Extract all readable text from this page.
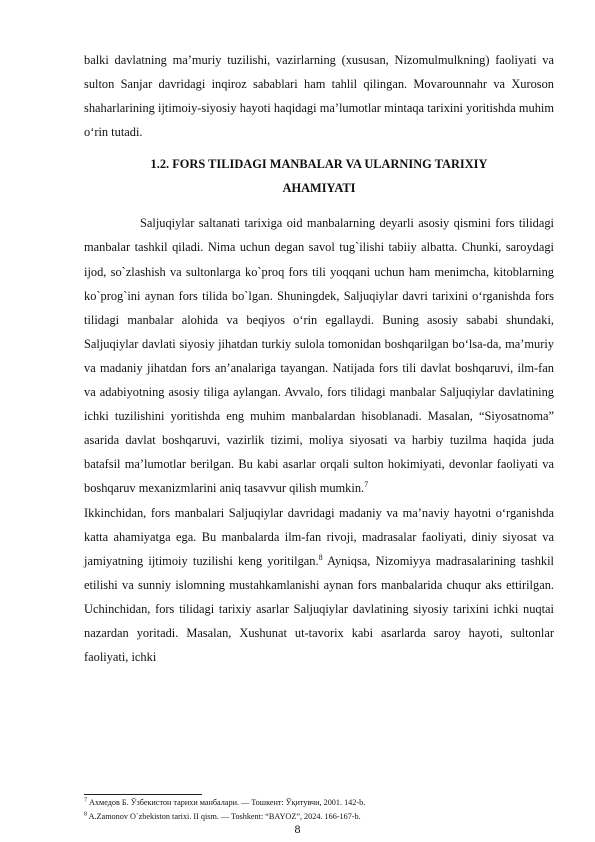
balki davlatning ma’muriy tuzilishi, vazirlarning (xususan, Nizomulmulkning) faoliyati va sulton Sanjar davridagi inqiroz sabablari ham tahlil qilingan. Movarounnahr va Xuroson shaharlarining ijtimoiy-siyosiy hayoti haqidagi ma’lumotlar mintaqa tarixini yoritishda muhim o‘rin tutadi.

1.2. FORS TILIDAGI MANBALAR VA ULARNING TARIXIY
AHAMIYATI

Saljuqiylar saltanati tarixiga oid manbalarning deyarli asosiy qismini fors tilidagi manbalar tashkil qiladi. Nima uchun degan savol tug`ilishi tabiiy albatta. Chunki, saroydagi ijod, so`zlashish va sultonlarga ko`proq fors tili yoqqani uchun ham menimcha, kitoblarning ko`prog`ini aynan fors tilida bo`lgan. Shuningdek, Saljuqiylar davri tarixini o‘rganishda fors tilidagi manbalar alohida va beqiyos o‘rin egallaydi. Buning asosiy sababi shundaki, Saljuqiylar davlati siyosiy jihatdan turkiy sulola tomonidan boshqarilgan bo‘lsa-da, ma’muriy va madaniy jihatdan fors an’analariga tayangan. Natijada fors tili davlat boshqaruvi, ilm-fan va adabiyotning asosiy tiliga aylangan. Avvalo, fors tilidagi manbalar Saljuqiylar davlatining ichki tuzilishini yoritishda eng muhim manbalardan hisoblanadi. Masalan, “Siyosatnoma” asarida davlat boshqaruvi, vazirlik tizimi, moliya siyosati va harbiy tuzilma haqida juda batafsil ma’lumotlar berilgan. Bu kabi asarlar orqali sulton hokimiyati, devonlar faoliyati va boshqaruv mexanizmlarini aniq tasavvur qilish mumkin.$^7$

Ikkinchidan, fors manbalari Saljuqiylar davridagi madaniy va ma’naviy hayotni o‘rganishda katta ahamiyatga ega. Bu manbalarda ilm-fan rivoji, madrasalar faoliyati, diniy siyosat va jamiyatning ijtimoiy tuzilishi keng yoritilgan.$^8$ Ayniqsa, Nizomiyya madrasalarining tashkil etilishi va sunniy islomning mustahkamlanishi aynan fors manbalarida chuqur aks ettirilgan. Uchinchidan, fors tilidagi tarixiy asarlar Saljuqiylar davlatining siyosiy tarixini ichki nuqtai nazardan yoritadi. Masalan, Xushunat ut-tavorix kabi asarlarda saroy hayoti, sultonlar faoliyati, ichki

$^7$ Ахмедов Б. Ўзбекистон тарихи манбалари. — Тошкент: Ўқитувчи, 2001. 142-b.

$^8$ A.Zamonov O`zbekiston tarixi. II qism. — Toshkent: “BAYOZ”, 2024. 166-167-b.

8
